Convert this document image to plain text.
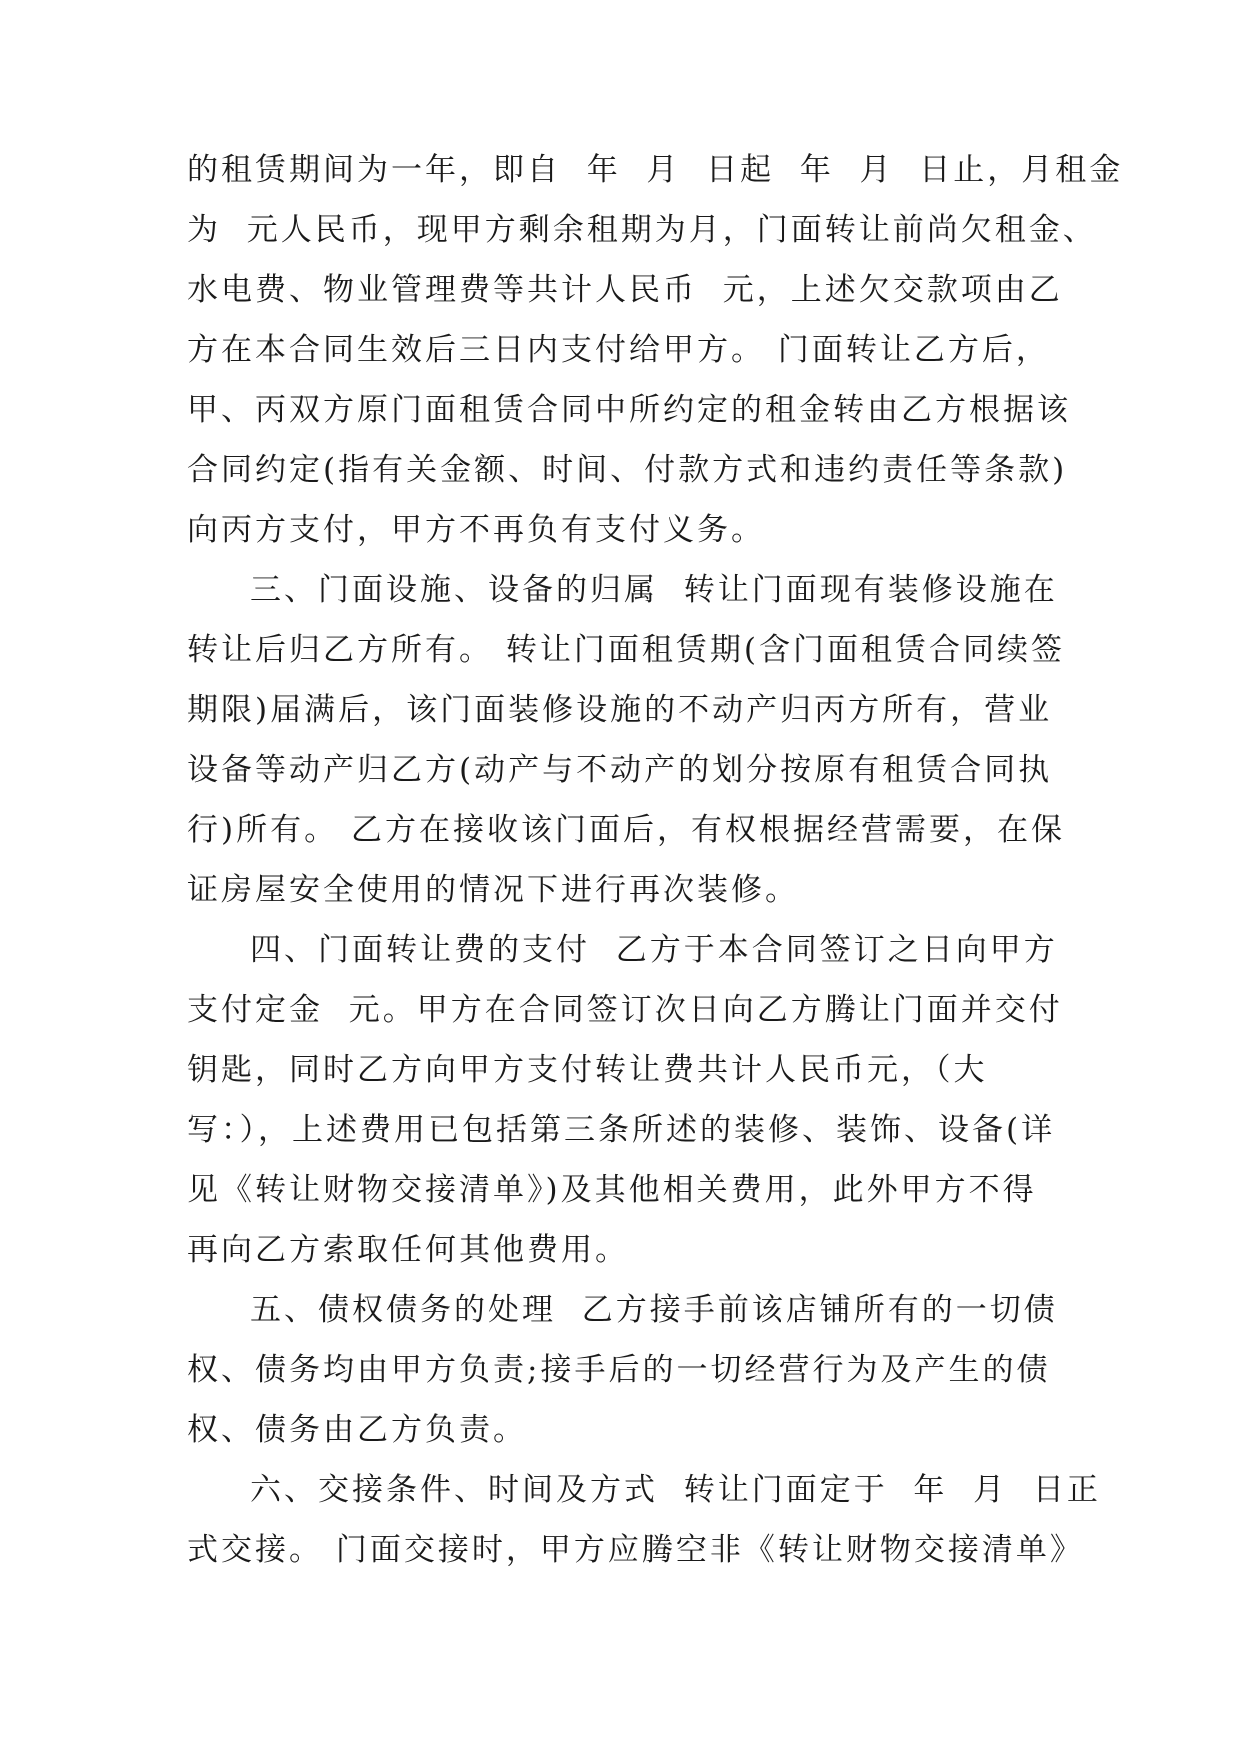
的租赁期间为一年，即自  年  月  日起  年  月  日止，月租金
为  元人民币，现甲方剩余租期为月，门面转让前尚欠租金、
水电费、物业管理费等共计人民币  元，上述欠交款项由乙
方在本合同生效后三日内支付给甲方。 门面转让乙方后，
甲、丙双方原门面租赁合同中所约定的租金转由乙方根据该
合同约定(指有关金额、时间、付款方式和违约责任等条款)
向丙方支付，甲方不再负有支付义务。
三、门面设施、设备的归属  转让门面现有装修设施在
转让后归乙方所有。 转让门面租赁期(含门面租赁合同续签
期限)届满后，该门面装修设施的不动产归丙方所有，营业
设备等动产归乙方(动产与不动产的划分按原有租赁合同执
行)所有。 乙方在接收该门面后，有权根据经营需要，在保
证房屋安全使用的情况下进行再次装修。
四、门面转让费的支付  乙方于本合同签订之日向甲方
支付定金  元。甲方在合同签订次日向乙方腾让门面并交付
钥匙，同时乙方向甲方支付转让费共计人民币元，（大
写：），上述费用已包括第三条所述的装修、装饰、设备(详
见《转让财物交接清单》)及其他相关费用，此外甲方不得
再向乙方索取任何其他费用。
五、债权债务的处理  乙方接手前该店铺所有的一切债
权、债务均由甲方负责;接手后的一切经营行为及产生的债
权、债务由乙方负责。
六、交接条件、时间及方式  转让门面定于  年  月  日正
式交接。 门面交接时，甲方应腾空非《转让财物交接清单》
